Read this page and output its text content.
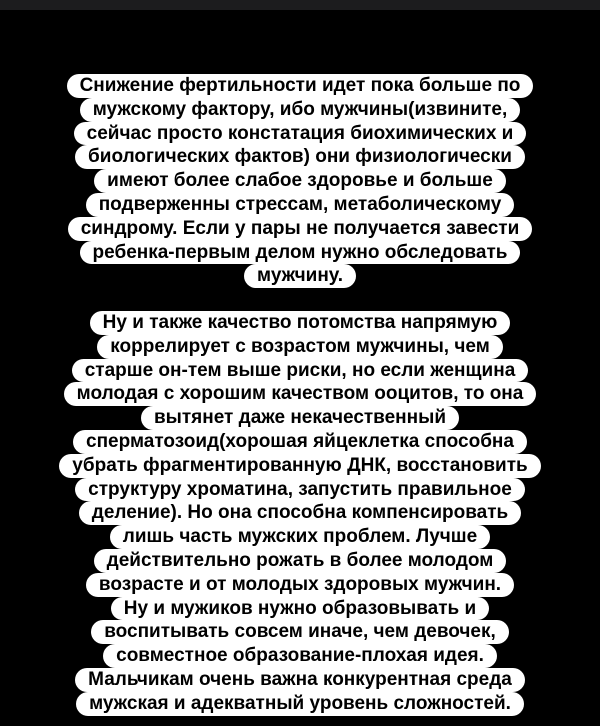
Снижение фертильности идет пока больше по
мужскому фактору, ибо мужчины(извините,
сейчас просто констатация биохимических и
биологических фактов) они физиологически
имеют более слабое здоровье и больше
подверженны стрессам, метаболическому
синдрому. Если у пары не получается завести
ребенка-первым делом нужно обследовать
мужчину.
Ну и также качество потомства напрямую
коррелирует с возрастом мужчины, чем
старше он-тем выше риски, но если женщина
молодая с хорошим качеством ооцитов, то она
вытянет даже некачественный
сперматозоид(хорошая яйцеклетка способна
убрать фрагментированную ДНК, восстановить
структуру хроматина, запустить правильное
деление). Но она способна компенсировать
лишь часть мужских проблем. Лучше
действительно рожать в более молодом
возрасте и от молодых здоровых мужчин.
Ну и мужиков нужно образовывать и
воспитывать совсем иначе, чем девочек,
совместное образование-плохая идея.
Мальчикам очень важна конкурентная среда
мужская и адекватный уровень сложностей.
